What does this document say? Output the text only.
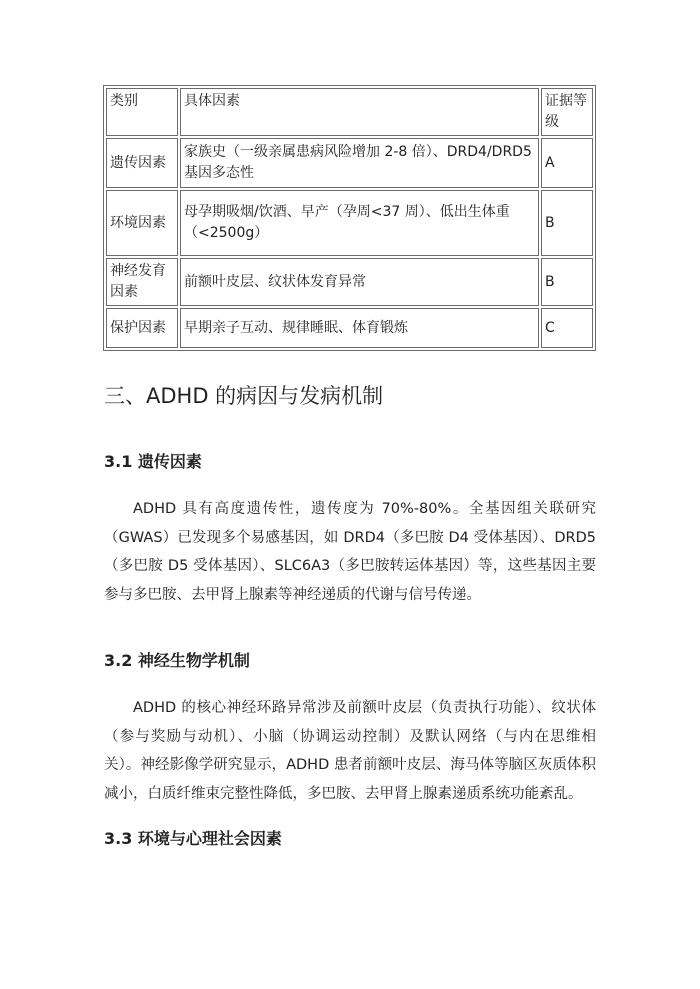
类别	具体因素	证据等级
遗传因素	家族史（一级亲属患病风险增加 2-8 倍）、DRD4/DRD5 基因多态性	A
环境因素	母孕期吸烟/饮酒、早产（孕周<37 周）、低出生体重（<2500g）	B
神经发育因素	前额叶皮层、纹状体发育异常	B
保护因素	早期亲子互动、规律睡眠、体育锻炼	C
三、ADHD 的病因与发病机制
3.1 遗传因素

ADHD 具有高度遗传性，遗传度为 70%-80%。全基因组关联研究（GWAS）已发现多个易感基因，如 DRD4（多巴胺 D4 受体基因）、DRD5（多巴胺 D5 受体基因）、SLC6A3（多巴胺转运体基因）等，这些基因主要参与多巴胺、去甲肾上腺素等神经递质的代谢与信号传递。

3.2 神经生物学机制

ADHD 的核心神经环路异常涉及前额叶皮层（负责执行功能）、纹状体（参与奖励与动机）、小脑（协调运动控制）及默认网络（与内在思维相关）。神经影像学研究显示，ADHD 患者前额叶皮层、海马体等脑区灰质体积减小，白质纤维束完整性降低，多巴胺、去甲肾上腺素递质系统功能紊乱。

3.3 环境与心理社会因素
